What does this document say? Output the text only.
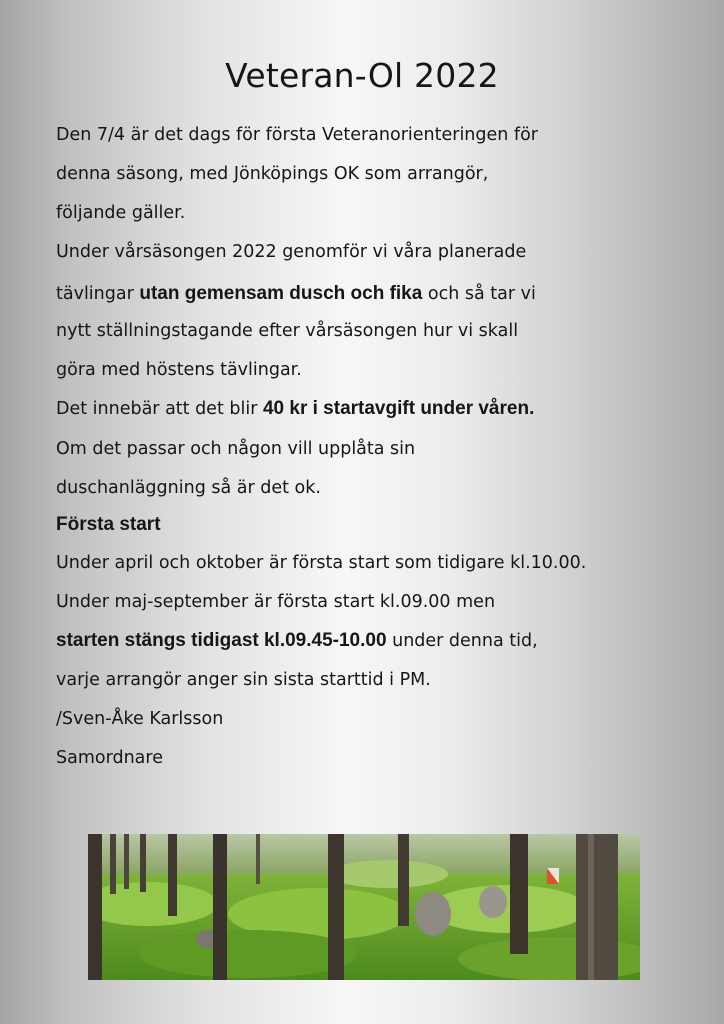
Veteran-Ol 2022
Den 7/4 är det dags för första Veteranorienteringen för
denna säsong, med Jönköpings OK som arrangör,
följande gäller.
Under vårsäsongen 2022 genomför vi våra planerade
tävlingar utan gemensam dusch och fika och så tar vi
nytt ställningstagande efter vårsäsongen hur vi skall
göra med höstens tävlingar.
Det innebär att det blir 40 kr i startavgift under våren.
Om det passar och någon vill upplåta sin
duschanläggning så är det ok.
Första start
Under april och oktober är första start som tidigare kl.10.00.
Under maj-september är första start kl.09.00 men
starten stängs tidigast kl.09.45-10.00 under denna tid,
varje arrangör anger sin sista starttid i PM.
/Sven-Åke Karlsson
Samordnare
